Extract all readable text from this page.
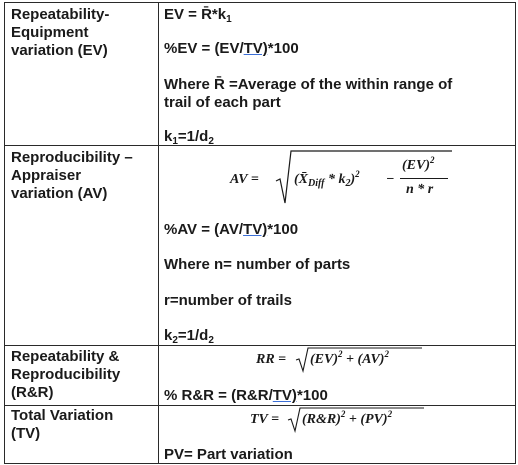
Repeatability-
Equipment
variation (EV)
EV = $R̄*k_1$
%EV = (EV/TV)*100
Where R̄ =Average of the within range of
trail of each part
$k_1=1/d_2$
Reproducibility –
Appraiser
variation (AV)
AV =	$(X̄_{Diff} * k_2)^2$ −
(EV)$^2$
n * r
%AV = (AV/TV)*100
Where n= number of parts
r=number of trails
$k_2=1/d_2$
Repeatability &
Reproducibility
(R&R)
RR = (EV)$^2$ + (AV)$^2$
% R&R = (R&R/TV)*100
Total Variation
(TV)
TV = (R&R)$^2$ + (PV)$^2$
PV= Part variation
